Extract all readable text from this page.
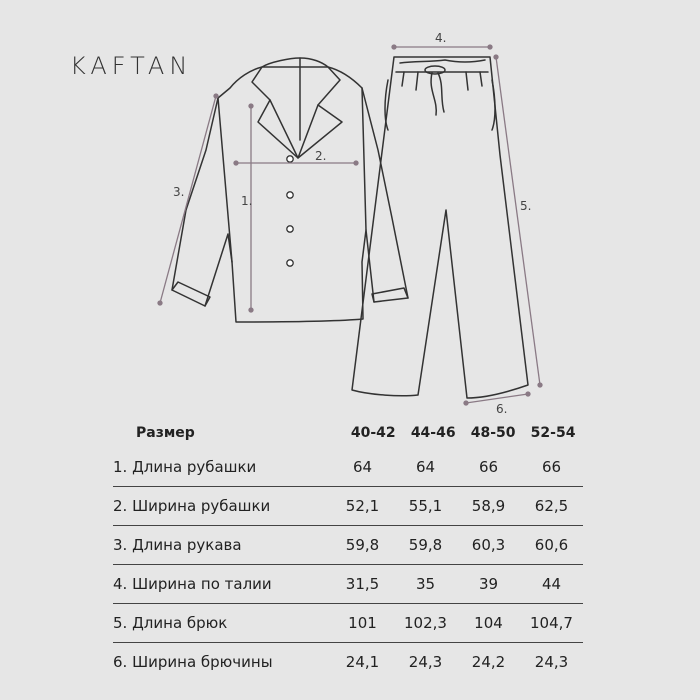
KAFTAN
1.
2.
3.
4.
5.
6.
Размер	40-42	44-46	48-50	52-54
1. Длина рубашки	64	64	66	66
2. Ширина рубашки	52,1	55,1	58,9	62,5
3. Длина рукава	59,8	59,8	60,3	60,6
4. Ширина по талии	31,5	35	39	44
5. Длина брюк	101	102,3	104	104,7
6. Ширина брючины	24,1	24,3	24,2	24,3
